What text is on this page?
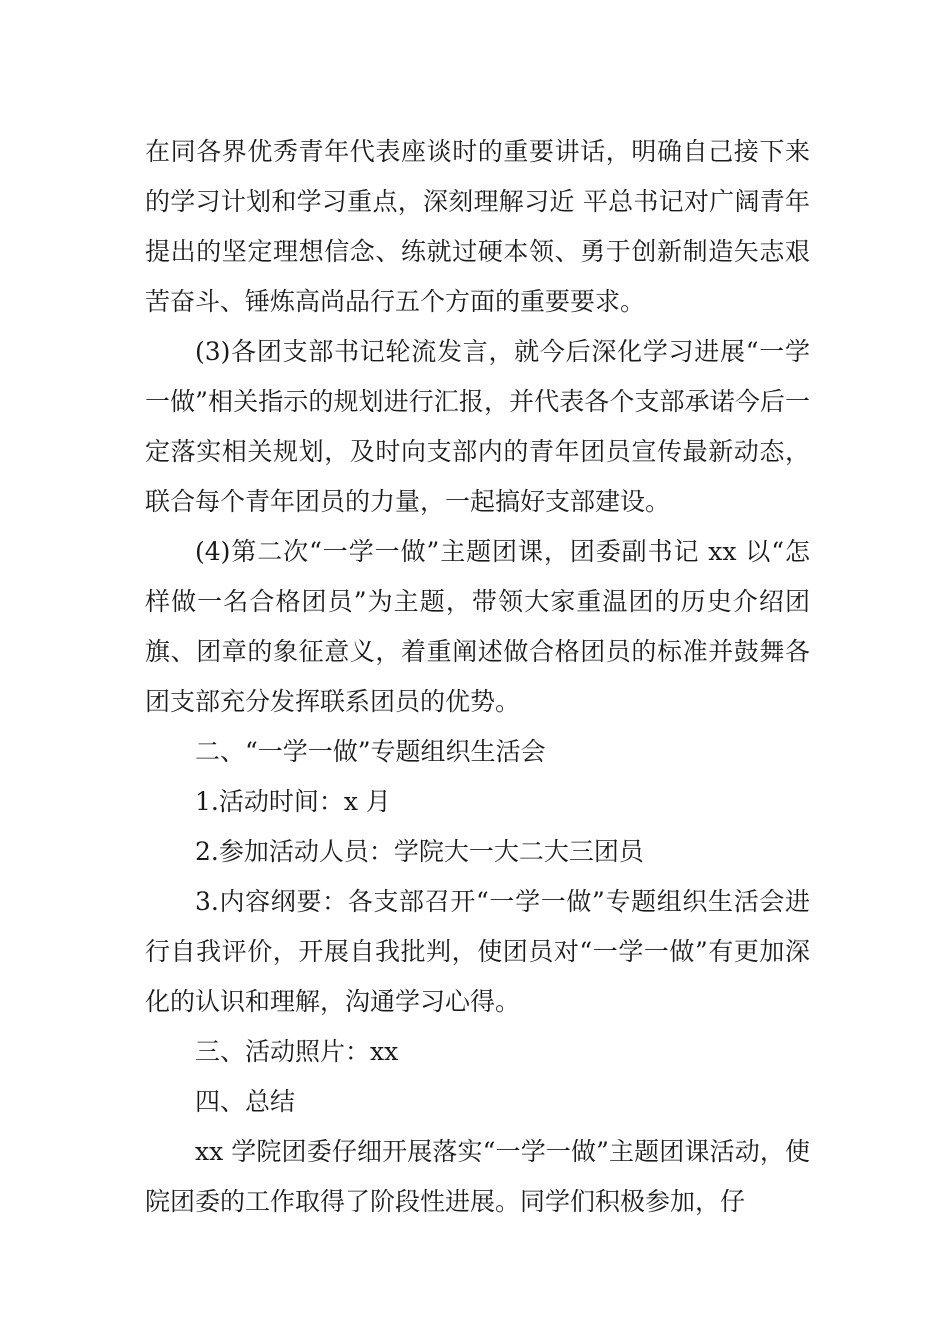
在同各界优秀青年代表座谈时的重要讲话，明确自己接下来的学习计划和学习重点，深刻理解习近 平总书记对广阔青年提出的坚定理想信念、练就过硬本领、勇于创新制造矢志艰苦奋斗、锤炼高尚品行五个方面的重要要求。

(3)各团支部书记轮流发言，就今后深化学习进展“一学一做”相关指示的规划进行汇报，并代表各个支部承诺今后一定落实相关规划，及时向支部内的青年团员宣传最新动态，联合每个青年团员的力量，一起搞好支部建设。

(4)第二次“一学一做”主题团课，团委副书记 xx 以“怎样做一名合格团员”为主题，带领大家重温团的历史介绍团旗、团章的象征意义，着重阐述做合格团员的标准并鼓舞各团支部充分发挥联系团员的优势。

二、“一学一做”专题组织生活会

1.活动时间：x 月

2.参加活动人员：学院大一大二大三团员

3.内容纲要：各支部召开“一学一做”专题组织生活会进行自我评价，开展自我批判，使团员对“一学一做”有更加深化的认识和理解，沟通学习心得。

三、活动照片：xx

四、总结

xx 学院团委仔细开展落实“一学一做”主题团课活动，使院团委的工作取得了阶段性进展。同学们积极参加，仔
